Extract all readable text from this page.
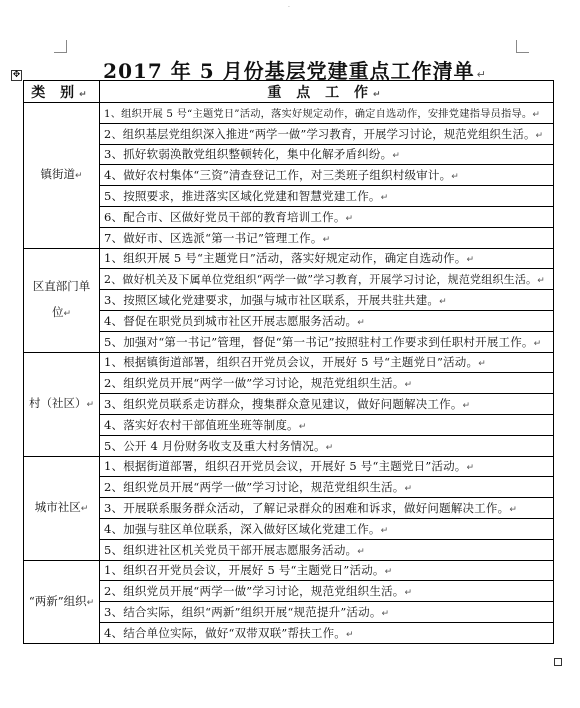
·
2017 年 5 月份基层党建重点工作清单 ↵
✥
类 别↵	重 点 工 作↵
镇街道↵	1、组织开展 5 号“主题党日”活动，落实好规定动作，确定自选动作，安排党建指导员指导。↵
	2、组织基层党组织深入推进“两学一做”学习教育，开展学习讨论，规范党组织生活。↵
	3、抓好软弱涣散党组织整顿转化，集中化解矛盾纠纷。↵
	4、做好农村集体“三资”清查登记工作，对三类班子组织村级审计。↵
	5、按照要求，推进落实区域化党建和智慧党建工作。↵
	6、配合市、区做好党员干部的教育培训工作。↵
	7、做好市、区选派“第一书记”管理工作。↵
区直部门单位↵	1、组织开展 5 号“主题党日”活动，落实好规定动作，确定自选动作。↵
	2、做好机关及下属单位党组织“两学一做”学习教育，开展学习讨论，规范党组织生活。↵
	3、按照区域化党建要求，加强与城市社区联系，开展共驻共建。↵
	4、督促在职党员到城市社区开展志愿服务活动。↵
	5、加强对“第一书记”管理，督促“第一书记”按照驻村工作要求到任职村开展工作。↵
村（社区）↵	1、根据镇街道部署，组织召开党员会议，开展好 5 号“主题党日”活动。↵
	2、组织党员开展“两学一做”学习讨论，规范党组织生活。↵
	3、组织党员联系走访群众，搜集群众意见建议，做好问题解决工作。↵
	4、落实好农村干部值班坐班等制度。↵
	5、公开 4 月份财务收支及重大村务情况。↵
城市社区↵	1、根据街道部署，组织召开党员会议，开展好 5 号“主题党日”活动。↵
	2、组织党员开展“两学一做”学习讨论，规范党组织生活。↵
	3、开展联系服务群众活动，了解记录群众的困难和诉求，做好问题解决工作。↵
	4、加强与驻区单位联系，深入做好区域化党建工作。↵
	5、组织进社区机关党员干部开展志愿服务活动。↵
“两新”组织↵	1、组织召开党员会议，开展好 5 号“主题党日”活动。↵
	2、组织党员开展“两学一做”学习讨论，规范党组织生活。↵
	3、结合实际，组织“两新”组织开展“规范提升”活动。↵
	4、结合单位实际，做好“双带双联”帮扶工作。↵
